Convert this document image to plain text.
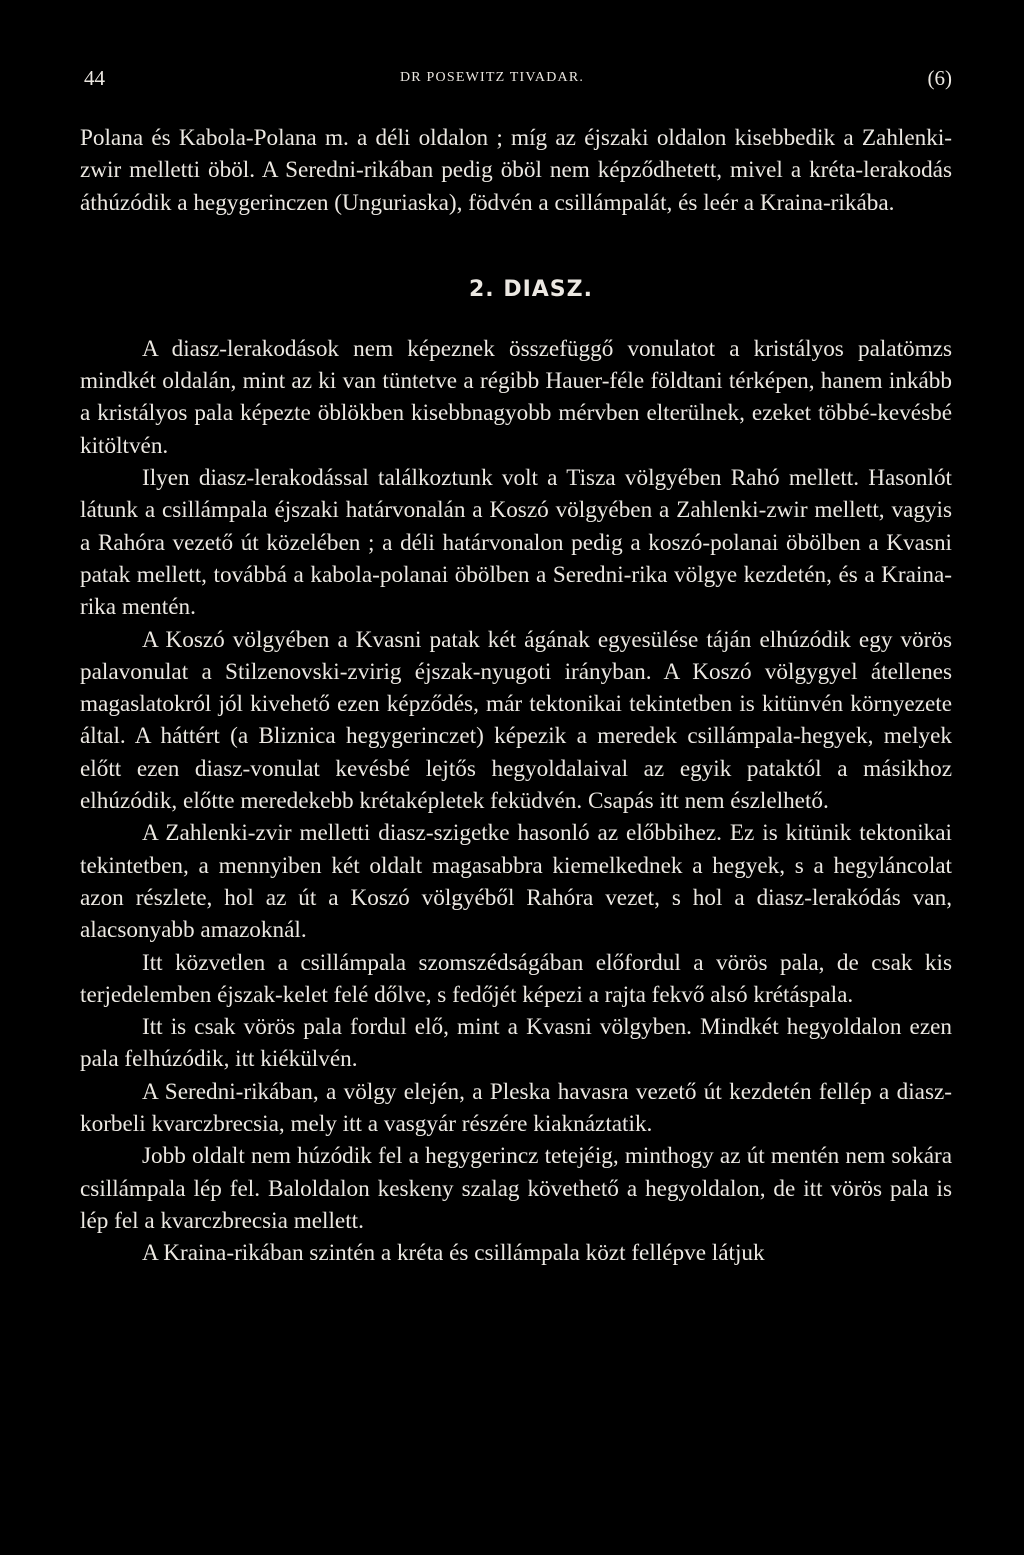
44	DR POSEWITZ TIVADAR.	(6)

Polana és Kabola-Polana m. a déli oldalon ; míg az éjszaki oldalon kisebbedik a Zahlenki-zwir melletti öböl. A Seredni-rikában pedig öböl nem képződhetett, mivel a kréta-lerakodás áthúzódik a hegygerinczen (Unguriaska), födvén a csillámpalát, és leér a Kraina-rikába.

2. DIASZ.

A diasz-lerakodások nem képeznek összefüggő vonulatot a kristályos palatömzs mindkét oldalán, mint az ki van tüntetve a régibb Hauer-féle földtani térképen, hanem inkább a kristályos pala képezte öblökben kisebbnagyobb mérvben elterülnek, ezeket többé-kevésbé kitöltvén.

Ilyen diasz-lerakodással találkoztunk volt a Tisza völgyében Rahó mellett. Hasonlót látunk a csillámpala éjszaki határvonalán a Koszó völgyében a Zahlenki-zwir mellett, vagyis a Rahóra vezető út közelében ; a déli határvonalon pedig a koszó-polanai öbölben a Kvasni patak mellett, továbbá a kabola-polanai öbölben a Seredni-rika völgye kezdetén, és a Kraina-rika mentén.

A Koszó völgyében a Kvasni patak két ágának egyesülése táján elhúzódik egy vörös palavonulat a Stilzenovski-zvirig éjszak-nyugoti irányban. A Koszó völgygyel átellenes magaslatokról jól kivehető ezen képződés, már tektonikai tekintetben is kitünvén környezete által. A háttért (a Bliznica hegygerinczet) képezik a meredek csillámpala-hegyek, melyek előtt ezen diasz-vonulat kevésbé lejtős hegyoldalaival az egyik pataktól a másikhoz elhúzódik, előtte meredekebb krétaképletek feküdvén. Csapás itt nem észlelhető.

A Zahlenki-zvir melletti diasz-szigetke hasonló az előbbihez. Ez is kitünik tektonikai tekintetben, a mennyiben két oldalt magasabbra kiemelkednek a hegyek, s a hegyláncolat azon részlete, hol az út a Koszó völgyéből Rahóra vezet, s hol a diasz-lerakódás van, alacsonyabb amazoknál.

Itt közvetlen a csillámpala szomszédságában előfordul a vörös pala, de csak kis terjedelemben éjszak-kelet felé dőlve, s fedőjét képezi a rajta fekvő alsó krétáspala.

Itt is csak vörös pala fordul elő, mint a Kvasni völgyben. Mindkét hegyoldalon ezen pala felhúzódik, itt kiékülvén.

A Seredni-rikában, a völgy elején, a Pleska havasra vezető út kezdetén fellép a diasz-korbeli kvarczbrecsia, mely itt a vasgyár részére kiaknáztatik.

Jobb oldalt nem húzódik fel a hegygerincz tetejéig, minthogy az út mentén nem sokára csillámpala lép fel. Baloldalon keskeny szalag követhető a hegyoldalon, de itt vörös pala is lép fel a kvarczbrecsia mellett.

A Kraina-rikában szintén a kréta és csillámpala közt fellépve látjuk
